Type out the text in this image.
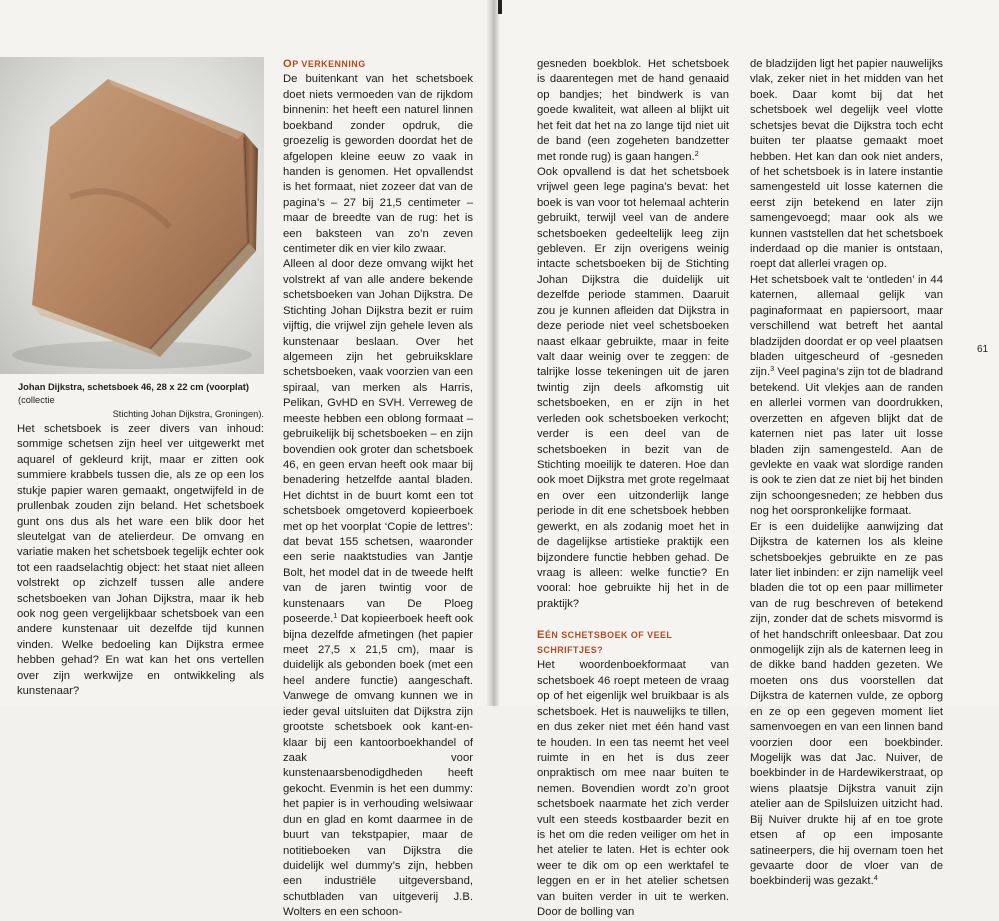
Johan Dijkstra, schetsboek 46, 28 x 22 cm (voorplat) (collectie
Stichting Johan Dijkstra, Groningen).

Het schetsboek is zeer divers van inhoud: sommige schetsen zijn heel ver uitgewerkt met aquarel of gekleurd krijt, maar er zitten ook summiere krabbels tussen die, als ze op een los stukje papier waren gemaakt, ongetwijfeld in de prullenbak zouden zijn beland. Het schetsboek gunt ons dus als het ware een blik door het sleutelgat van de atelierdeur. De omvang en variatie maken het schetsboek tegelijk echter ook tot een raadselachtig object: het staat niet alleen volstrekt op zichzelf tussen alle andere schetsboeken van Johan Dijkstra, maar ik heb ook nog geen vergelijkbaar schetsboek van een andere kunstenaar uit dezelfde tijd kunnen vinden. Welke bedoeling kan Dijkstra ermee hebben gehad? En wat kan het ons vertellen over zijn werkwijze en ontwikkeling als kunstenaar?

OP VERKENNING

De buitenkant van het schetsboek doet niets vermoeden van de rijkdom binnenin: het heeft een naturel linnen boekband zonder opdruk, die groezelig is geworden doordat het de afgelopen kleine eeuw zo vaak in handen is genomen. Het opvallendst is het formaat, niet zozeer dat van de pagina’s – 27 bij 21,5 centimeter – maar de breedte van de rug: het is een baksteen van zo’n zeven centimeter dik en vier kilo zwaar.

Alleen al door deze omvang wijkt het volstrekt af van alle andere bekende schetsboeken van Johan Dijkstra. De Stichting Johan Dijkstra bezit er ruim vijftig, die vrijwel zijn gehele leven als kunstenaar beslaan. Over het algemeen zijn het gebruiksklare schetsboeken, vaak voorzien van een spiraal, van merken als Harris, Pelikan, GvHD en SVH. Verreweg de meeste hebben een oblong formaat – gebruikelijk bij schetsboeken – en zijn bovendien ook groter dan schetsboek 46, en geen ervan heeft ook maar bij benadering hetzelfde aantal bladen. Het dichtst in de buurt komt een tot schetsboek omgetoverd kopieerboek met op het voorplat ‘Copie de lettres’: dat bevat 155 schetsen, waaronder een serie naaktstudies van Jantje Bolt, het model dat in de tweede helft van de jaren twintig voor de kunstenaars van De Ploeg poseerde.$^1$ Dat kopieerboek heeft ook bijna dezelfde afmetingen (het papier meet 27,5 x 21,5 cm), maar is duidelijk als gebonden boek (met een heel andere functie) aangeschaft. Vanwege de omvang kunnen we in ieder geval uitsluiten dat Dijkstra zijn grootste schetsboek ook kant-en-klaar bij een kantoorboekhandel of zaak voor kunstenaarsbenodigdheden heeft gekocht. Evenmin is het een dummy: het papier is in verhouding welsiwaar dun en glad en komt daarmee in de buurt van tekstpapier, maar de notitieboeken van Dijkstra die duidelijk wel dummy’s zijn, hebben een industriële uitgeversband, schutbladen van uitgeverij J.B. Wolters en een schoon-

gesneden boekblok. Het schetsboek is daarentegen met de hand genaaid op bandjes; het bindwerk is van goede kwaliteit, wat alleen al blijkt uit het feit dat het na zo lange tijd niet uit de band (een zogeheten bandzetter met ronde rug) is gaan hangen.$^2$

Ook opvallend is dat het schetsboek vrijwel geen lege pagina’s bevat: het boek is van voor tot helemaal achterin gebruikt, terwijl veel van de andere schetsboeken gedeeltelijk leeg zijn gebleven. Er zijn overigens weinig intacte schetsboeken bij de Stichting Johan Dijkstra die duidelijk uit dezelfde periode stammen. Daaruit zou je kunnen afleiden dat Dijkstra in deze periode niet veel schetsboeken naast elkaar gebruikte, maar in feite valt daar weinig over te zeggen: de talrijke losse tekeningen uit de jaren twintig zijn deels afkomstig uit schetsboeken, en er zijn in het verleden ook schetsboeken verkocht; verder is een deel van de schetsboeken in bezit van de Stichting moeilijk te dateren. Hoe dan ook moet Dijkstra met grote regelmaat en over een uitzonderlijk lange periode in dit ene schetsboek hebben gewerkt, en als zodanig moet het in de dagelijkse artistieke praktijk een bijzondere functie hebben gehad. De vraag is alleen: welke functie? En vooral: hoe gebruikte hij het in de praktijk?

EÉN SCHETSBOEK OF VEEL SCHRIFTJES?

Het woordenboekformaat van schetsboek 46 roept meteen de vraag op of het eigenlijk wel bruikbaar is als schetsboek. Het is nauwelijks te tillen, en dus zeker niet met één hand vast te houden. In een tas neemt het veel ruimte in en het is dus zeer onpraktisch om mee naar buiten te nemen. Bovendien wordt zo’n groot schetsboek naarmate het zich verder vult een steeds kostbaarder bezit en is het om die reden veiliger om het in het atelier te laten. Het is echter ook weer te dik om op een werktafel te leggen en er in het atelier schetsen van buiten verder in uit te werken. Door de bolling van

de bladzijden ligt het papier nauwelijks vlak, zeker niet in het midden van het boek. Daar komt bij dat het schetsboek wel degelijk veel vlotte schetsjes bevat die Dijkstra toch echt buiten ter plaatse gemaakt moet hebben. Het kan dan ook niet anders, of het schetsboek is in latere instantie samengesteld uit losse katernen die eerst zijn betekend en later zijn samengevoegd; maar ook als we kunnen vaststellen dat het schetsboek inderdaad op die manier is ontstaan, roept dat allerlei vragen op.

Het schetsboek valt te ‘ontleden’ in 44 katernen, allemaal gelijk van paginaformaat en papiersoort, maar verschillend wat betreft het aantal bladzijden doordat er op veel plaatsen bladen uitgescheurd of -gesneden zijn.$^3$ Veel pagina’s zijn tot de bladrand betekend. Uit vlekjes aan de randen en allerlei vormen van doordrukken, overzetten en afgeven blijkt dat de katernen niet pas later uit losse bladen zijn samengesteld. Aan de gevlekte en vaak wat slordige randen is ook te zien dat ze niet bij het binden zijn schoongesneden; ze hebben dus nog het oorspronkelijke formaat.

Er is een duidelijke aanwijzing dat Dijkstra de katernen los als kleine schetsboekjes gebruikte en ze pas later liet inbinden: er zijn namelijk veel bladen die tot op een paar millimeter van de rug beschreven of betekend zijn, zonder dat de schets misvormd is of het handschrift onleesbaar. Dat zou onmogelijk zijn als de katernen leeg in de dikke band hadden gezeten. We moeten ons dus voorstellen dat Dijkstra de katernen vulde, ze opborg en ze op een gegeven moment liet samenvoegen en van een linnen band voorzien door een boekbinder. Mogelijk was dat Jac. Nuiver, de boekbinder in de Hardewikerstraat, op wiens plaatsje Dijkstra vanuit zijn atelier aan de Spilsluizen uitzicht had. Bij Nuiver drukte hij af en toe grote etsen af op een imposante satineerpers, die hij overnam toen het gevaarte door de vloer van de boekbinderij was gezakt.$^4$

61
